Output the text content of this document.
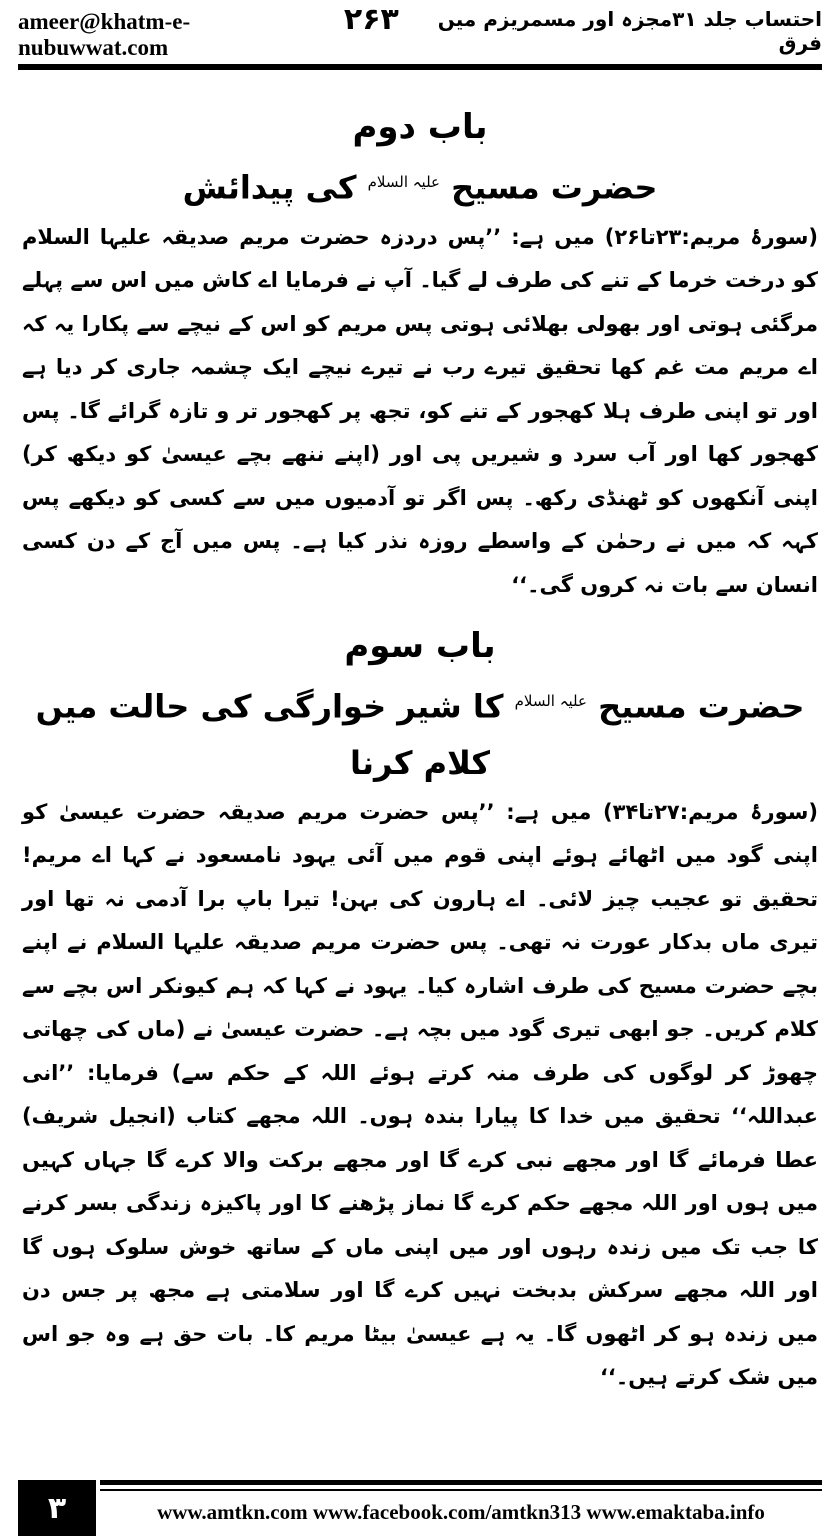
ameer@khatm-e-nubuwwat.com
۲۶۳	احتساب جلد ۳۱مجزہ اور مسمریزم میں فرق
باب دوم
حضرت مسیح $^{علیہ السلام}$ کی پیدائش

(سورۂ مریم:۲۳تا۲۶) میں ہے: ’’پس دردزہ حضرت مریم صدیقہ علیہا السلام کو درخت خرما کے تنے کی طرف لے گیا۔ آپ نے فرمایا اے کاش میں اس سے پہلے مرگئی ہوتی اور بھولی بھلائی ہوتی پس مریم کو اس کے نیچے سے پکارا یہ کہ اے مریم مت غم کھا تحقیق تیرے رب نے تیرے نیچے ایک چشمہ جاری کر دیا ہے اور تو اپنی طرف ہلا کھجور کے تنے کو، تجھ پر کھجور تر و تازہ گرائے گا۔ پس کھجور کھا اور آب سرد و شیریں پی اور (اپنے ننھے بچے عیسیٰ کو دیکھ کر) اپنی آنکھوں کو ٹھنڈی رکھ۔ پس اگر تو آدمیوں میں سے کسی کو دیکھے پس کہہ کہ میں نے رحمٰن کے واسطے روزہ نذر کیا ہے۔ پس میں آج کے دن کسی انسان سے بات نہ کروں گی۔‘‘

باب سوم
حضرت مسیح $^{علیہ السلام}$ کا شیر خوارگی کی حالت میں کلام کرنا

(سورۂ مریم:۲۷تا۳۴) میں ہے: ’’پس حضرت مریم صدیقہ حضرت عیسیٰ کو اپنی گود میں اٹھائے ہوئے اپنی قوم میں آئی یہود نامسعود نے کہا اے مریم! تحقیق تو عجیب چیز لائی۔ اے ہارون کی بہن! تیرا باپ برا آدمی نہ تھا اور تیری ماں بدکار عورت نہ تھی۔ پس حضرت مریم صدیقہ علیہا السلام نے اپنے بچے حضرت مسیح کی طرف اشارہ کیا۔ یہود نے کہا کہ ہم کیونکر اس بچے سے کلام کریں۔ جو ابھی تیری گود میں بچہ ہے۔ حضرت عیسیٰ نے (ماں کی چھاتی چھوڑ کر لوگوں کی طرف منہ کرتے ہوئے اللہ کے حکم سے) فرمایا: ’’انی عبداللہ‘‘ تحقیق میں خدا کا پیارا بندہ ہوں۔ اللہ مجھے کتاب (انجیل شریف) عطا فرمائے گا اور مجھے نبی کرے گا اور مجھے برکت والا کرے گا جہاں کہیں میں ہوں اور اللہ مجھے حکم کرے گا نماز پڑھنے کا اور پاکیزہ زندگی بسر کرنے کا جب تک میں زندہ رہوں اور میں اپنی ماں کے ساتھ خوش سلوک ہوں گا اور اللہ مجھے سرکش بدبخت نہیں کرے گا اور سلامتی ہے مجھ پر جس دن میں زندہ ہو کر اٹھوں گا۔ یہ ہے عیسیٰ بیٹا مریم کا۔ بات حق ہے وہ جو اس میں شک کرتے ہیں۔‘‘

۳	www.amtkn.com www.facebook.com/amtkn313 www.emaktaba.info
